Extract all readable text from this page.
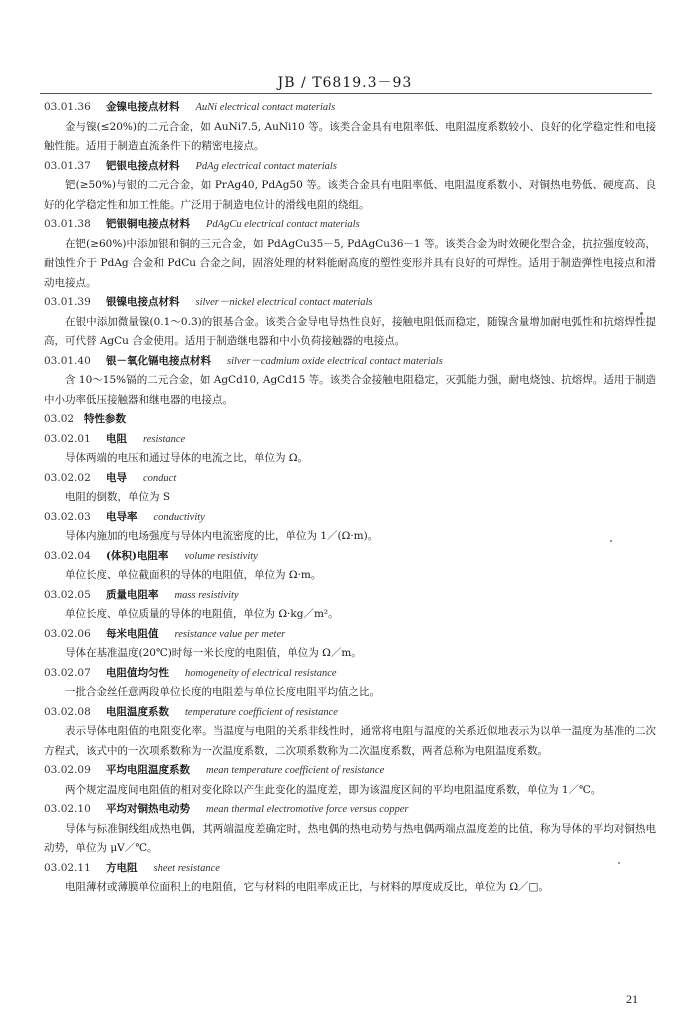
JB / T6819.3－93
03.01.36 金镍电接点材料 AuNi electrical contact materials
金与镍(≤20%)的二元合金，如 AuNi7.5, AuNi10 等。该类合金具有电阻率低、电阻温度系数较小、良好的化学稳定性和电接触性能。适用于制造直流条件下的精密电接点。
03.01.37 钯银电接点材料 PdAg electrical contact materials
钯(≥50%)与银的二元合金，如 PrAg40, PdAg50 等。该类合金具有电阻率低、电阻温度系数小、对铜热电势低、硬度高、良好的化学稳定性和加工性能。广泛用于制造电位计的滑线电阻的绕组。
03.01.38 钯银铜电接点材料 PdAgCu electrical contact materials
在钯(≥60%)中添加银和铜的三元合金，如 PdAgCu35－5, PdAgCu36－1 等。该类合金为时效硬化型合金，抗拉强度较高，耐蚀性介于 PdAg 合金和 PdCu 合金之间，固溶处理的材料能耐高度的塑性变形并具有良好的可焊性。适用于制造弹性电接点和滑动电接点。
03.01.39 银镍电接点材料 silver－nickel electrical contact materials
在银中添加微量镍(0.1～0.3)的银基合金。该类合金导电导热性良好，接触电阻低而稳定，随镍含量增加耐电弧性和抗熔焊性提高，可代替 AgCu 合金使用。适用于制造继电器和中小负荷接触器的电接点。
03.01.40 银－氧化镉电接点材料 silver－cadmium oxide electrical contact materials
含 10～15%镉的二元合金，如 AgCd10, AgCd15 等。该类合金接触电阻稳定，灭弧能力强，耐电烧蚀、抗熔焊。适用于制造中小功率低压接触器和继电器的电接点。
03.02 特性参数
03.02.01 电阻 resistance
导体两端的电压和通过导体的电流之比，单位为 Ω。
03.02.02 电导 conduct
电阻的倒数，单位为 S
03.02.03 电导率 conductivity
导体内施加的电场强度与导体内电流密度的比，单位为 1／(Ω·m)。
03.02.04 (体积)电阻率 volume resistivity
单位长度、单位截面积的导体的电阻值，单位为 Ω·m。
03.02.05 质量电阻率 mass resistivity
单位长度、单位质量的导体的电阻值，单位为 Ω·kg／m²。
03.02.06 每米电阻值 resistance value per meter
导体在基准温度(20℃)时每一米长度的电阻值，单位为 Ω／m。
03.02.07 电阻值均匀性 homogeneity of electrical resistance
一批合金丝任意两段单位长度的电阻差与单位长度电阻平均值之比。
03.02.08 电阻温度系数 temperature coefficient of resistance
表示导体电阻值的电阻变化率。当温度与电阻的关系非线性时，通常将电阻与温度的关系近似地表示为以单一温度为基准的二次方程式，该式中的一次项系数称为一次温度系数，二次项系数称为二次温度系数，两者总称为电阻温度系数。
03.02.09 平均电阻温度系数 mean temperature coefficient of resistance
两个规定温度间电阻值的相对变化除以产生此变化的温度差，即为该温度区间的平均电阻温度系数，单位为 1／℃。
03.02.10 平均对铜热电动势 mean thermal electromotive force versus copper
导体与标准铜线组成热电偶，其两端温度差确定时，热电偶的热电动势与热电偶两端点温度差的比值，称为导体的平均对铜热电动势，单位为 μV／℃。
03.02.11 方电阻 sheet resistance
电阻薄材或薄膜单位面积上的电阻值，它与材料的电阻率成正比，与材料的厚度成反比，单位为 Ω／□。
21
